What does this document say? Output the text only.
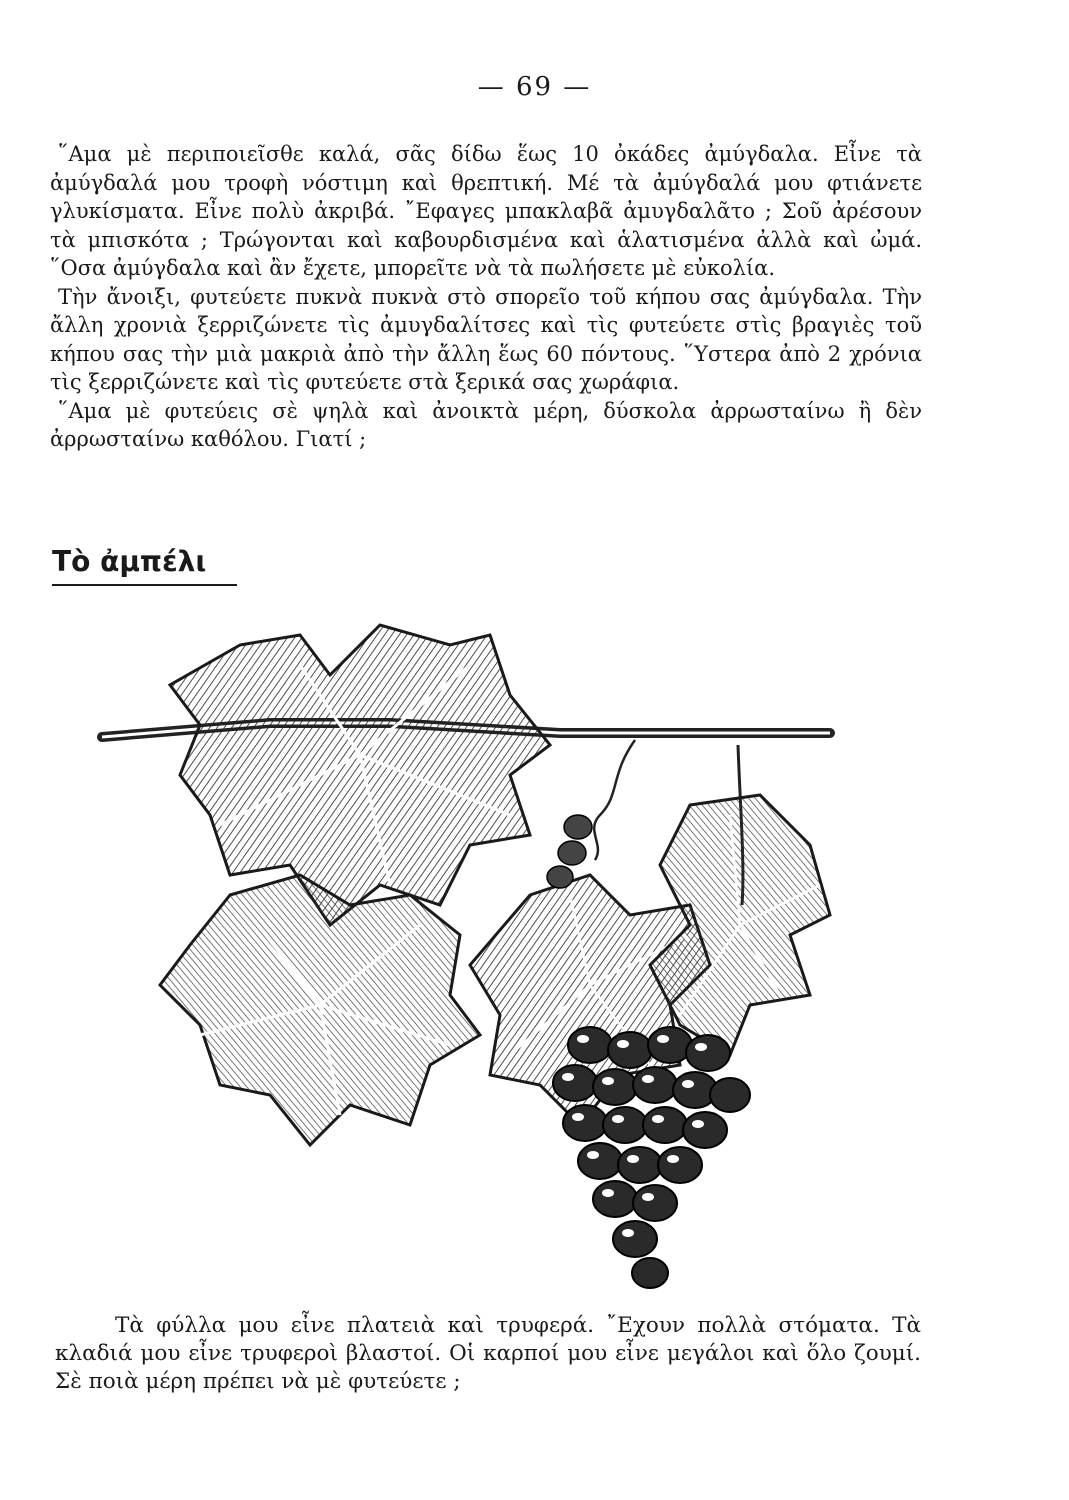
— 69 —

῞Αμα μὲ περιποιεῖσθε καλά, σᾶς δίδω ἕως 10 ὀκάδες ἀμύγδαλα. Εἶνε τὰ ἀμύγδαλά μου τροφὴ νόστιμη καὶ θρεπτική. Μέ τὰ ἀμύγδαλά μου φτιάνετε γλυκίσματα. Εἶνε πολὺ ἀκριβά. ῎Εφαγες μπακλαβᾶ ἀμυγδαλᾶτο ; Σοῦ ἀρέσουν τὰ μπισκότα ; Τρώγονται καὶ καβουρδισμένα καὶ ἁλατισμένα ἀλλὰ καὶ ὠμά. ῞Οσα ἀμύγδαλα καὶ ἂν ἔχετε, μπορεῖτε νὰ τὰ πωλήσετε μὲ εὐκολία.

Τὴν ἄνοιξι, φυτεύετε πυκνὰ πυκνὰ στὸ σπορεῖο τοῦ κήπου σας ἀμύγδαλα. Τὴν ἄλλη χρονιὰ ξερριζώνετε τὶς ἀμυγδαλίτσες καὶ τὶς φυτεύετε στὶς βραγιὲς τοῦ κήπου σας τὴν μιὰ μακριὰ ἀπὸ τὴν ἄλλη ἕως 60 πόντους. ῞Υστερα ἀπὸ 2 χρόνια τὶς ξερριζώνετε καὶ τὶς φυτεύετε στὰ ξερικά σας χωράφια.

῞Αμα μὲ φυτεύεις σὲ ψηλὰ καὶ ἀνοικτὰ μέρη, δύσκολα ἀρρωσταίνω ἢ δὲν ἀρρωσταίνω καθόλου. Γιατί ;

Τὸ ἀμπέλι

Τὰ φύλλα μου εἶνε πλατειὰ καὶ τρυφερά. ῎Εχουν πολλὰ στόματα. Τὰ κλαδιά μου εἶνε τρυφεροὶ βλαστοί. Οἱ καρποί μου εἶνε μεγάλοι καὶ ὅλο ζουμί. Σὲ ποιὰ μέρη πρέπει νὰ μὲ φυτεύετε ;
